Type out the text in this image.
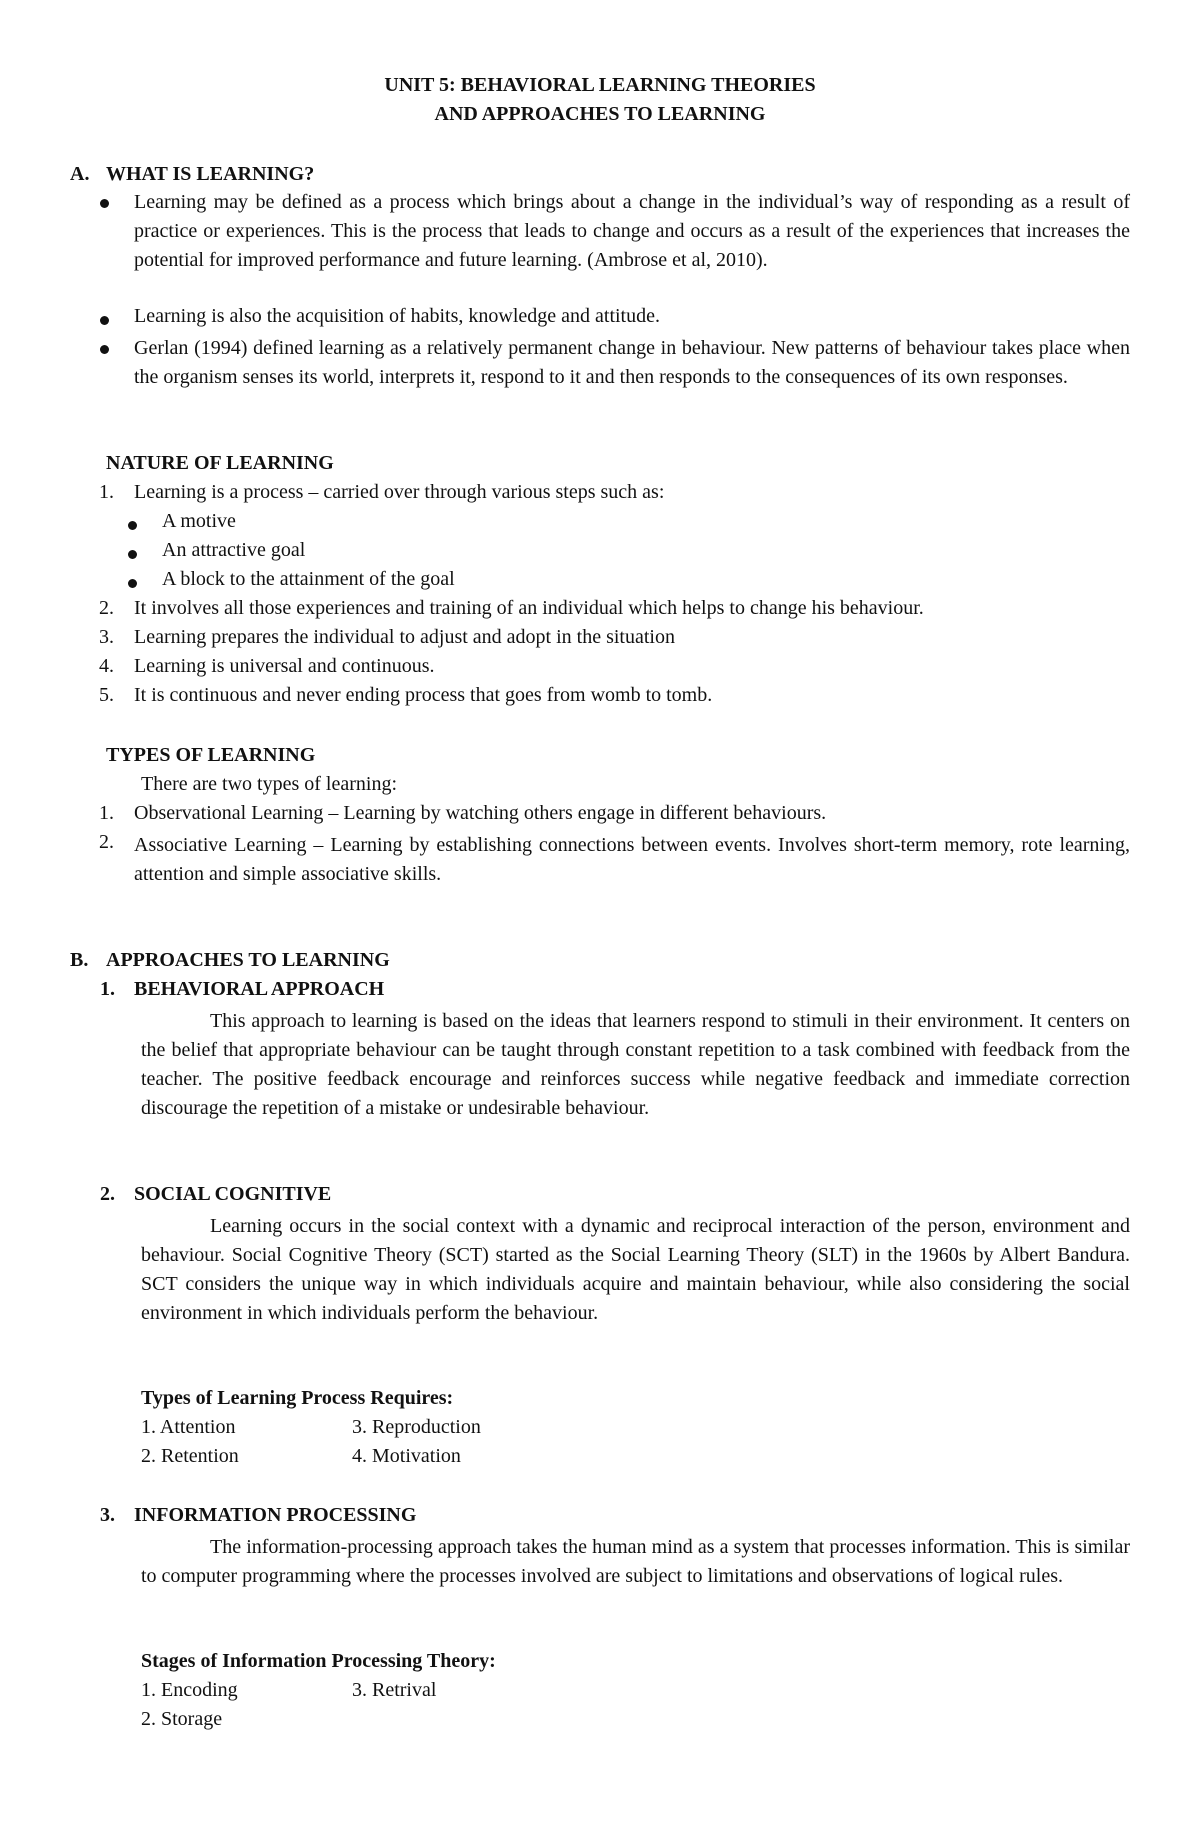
UNIT 5: BEHAVIORAL LEARNING THEORIES
AND APPROACHES TO LEARNING
A. WHAT IS LEARNING?
Learning may be defined as a process which brings about a change in the individual’s way of responding as a result of practice or experiences. This is the process that leads to change and occurs as a result of the experiences that increases the potential for improved performance and future learning. (Ambrose et al, 2010).
Learning is also the acquisition of habits, knowledge and attitude.
Gerlan (1994) defined learning as a relatively permanent change in behaviour. New patterns of behaviour takes place when the organism senses its world, interprets it, respond to it and then responds to the consequences of its own responses.
NATURE OF LEARNING
1. Learning is a process – carried over through various steps such as:
A motive
An attractive goal
A block to the attainment of the goal
2. It involves all those experiences and training of an individual which helps to change his behaviour.
3. Learning prepares the individual to adjust and adopt in the situation
4. Learning is universal and continuous.
5. It is continuous and never ending process that goes from womb to tomb.
TYPES OF LEARNING
There are two types of learning:
1. Observational Learning – Learning by watching others engage in different behaviours.
2. Associative Learning – Learning by establishing connections between events. Involves short-term memory, rote learning, attention and simple associative skills.
B. APPROACHES TO LEARNING
1. BEHAVIORAL APPROACH
This approach to learning is based on the ideas that learners respond to stimuli in their environment. It centers on the belief that appropriate behaviour can be taught through constant repetition to a task combined with feedback from the teacher. The positive feedback encourage and reinforces success while negative feedback and immediate correction discourage the repetition of a mistake or undesirable behaviour.
2. SOCIAL COGNITIVE
Learning occurs in the social context with a dynamic and reciprocal interaction of the person, environment and behaviour. Social Cognitive Theory (SCT) started as the Social Learning Theory (SLT) in the 1960s by Albert Bandura. SCT considers the unique way in which individuals acquire and maintain behaviour, while also considering the social environment in which individuals perform the behaviour.
Types of Learning Process Requires:
1. Attention	3. Reproduction
2. Retention	4. Motivation
3. INFORMATION PROCESSING
The information-processing approach takes the human mind as a system that processes information. This is similar to computer programming where the processes involved are subject to limitations and observations of logical rules.
Stages of Information Processing Theory:
1. Encoding	3. Retrival
2. Storage
